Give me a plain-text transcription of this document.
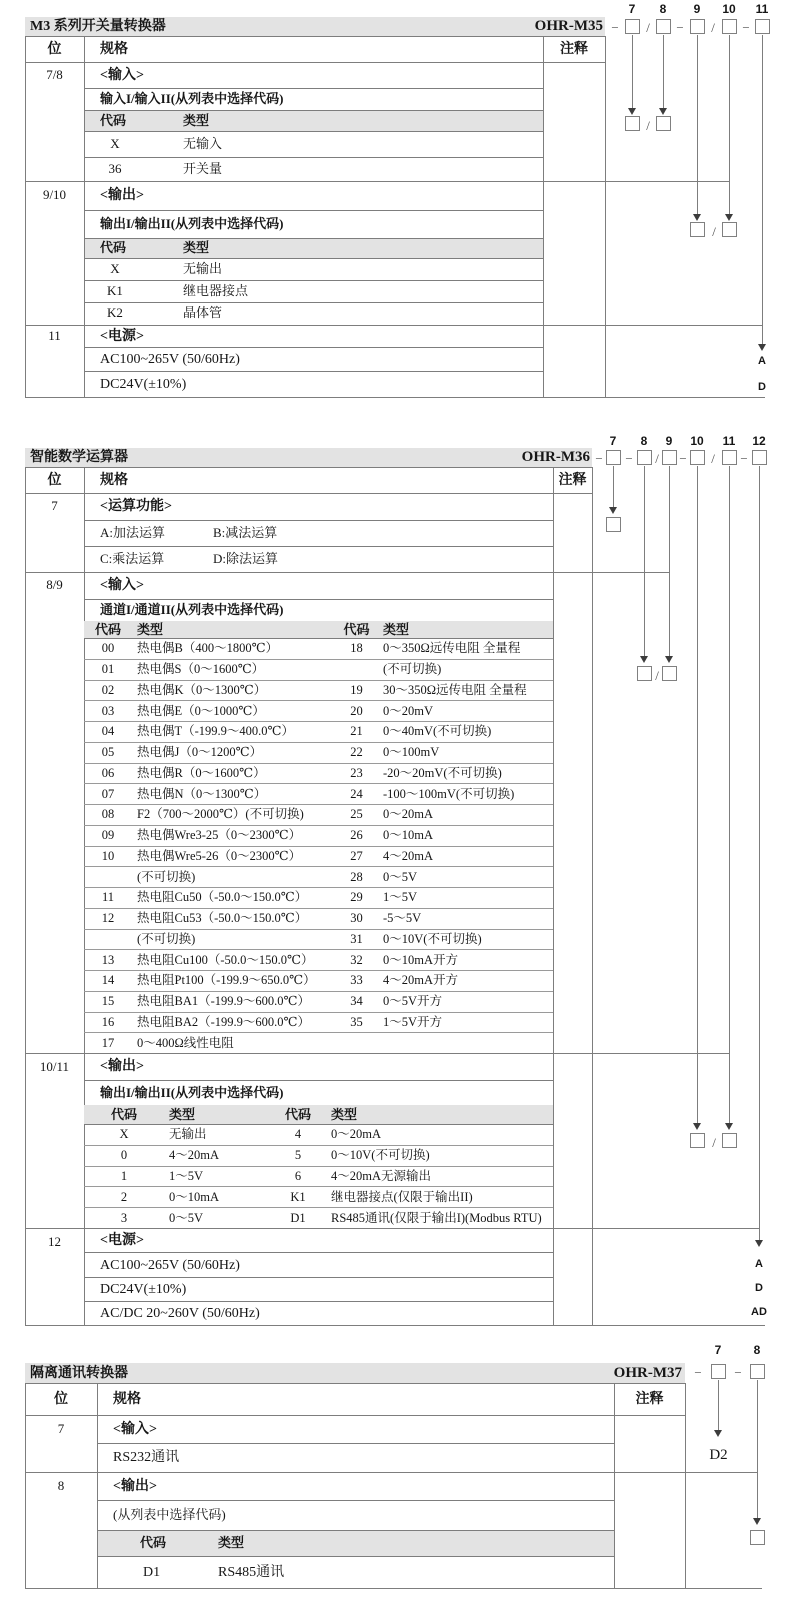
M3 系列开关量转换器	OHR-M35
位	规格	注释
7/8	<输入>
输入I/输入II(从列表中选择代码)
代码	类型
X	无输入
36	开关量
9/10	<输出>
输出I/输出II(从列表中选择代码)
代码	类型
X	无输出
K1	继电器接点
K2	晶体管
11	<电源>
AC100~265V (50/60Hz)
DC24V(±10%)
7	8	9	10	11
−	/	−	/	−
/
/
A
D
智能数学运算器	OHR-M36
位	规格	注释
7	<运算功能>
A:加法运算	B:减法运算
C:乘法运算	D:除法运算
8/9	<输入>
通道I/通道II(从列表中选择代码)
代码	类型	代码	类型
00	热电偶B（400～1800℃）	18	0～350Ω远传电阻 全量程
01	热电偶S（0～1600℃）	(不可切换)
02	热电偶K（0～1300℃）	19	30～350Ω远传电阻 全量程
03	热电偶E（0～1000℃）	20	0～20mV
04	热电偶T（-199.9～400.0℃）	21	0～40mV(不可切换)
05	热电偶J（0～1200℃）	22	0～100mV
06	热电偶R（0～1600℃）	23	-20～20mV(不可切换)
07	热电偶N（0～1300℃）	24	-100～100mV(不可切换)
08	F2（700～2000℃）(不可切换)	25	0～20mA
09	热电偶Wre3-25（0～2300℃）	26	0～10mA
10	热电偶Wre5-26（0～2300℃）	27	4～20mA
(不可切换)	28	0～5V
11	热电阻Cu50（-50.0～150.0℃）	29	1～5V
12	热电阻Cu53（-50.0～150.0℃）	30	-5～5V
(不可切换)	31	0～10V(不可切换)
13	热电阻Cu100（-50.0～150.0℃）	32	0～10mA开方
14	热电阻Pt100（-199.9～650.0℃）	33	4～20mA开方
15	热电阻BA1（-199.9～600.0℃）	34	0～5V开方
16	热电阻BA2（-199.9～600.0℃）	35	1～5V开方
17	0～400Ω线性电阻
10/11	<输出>
输出I/输出II(从列表中选择代码)
代码	类型	代码	类型
X	无输出	4	0～20mA
0	4～20mA	5	0～10V(不可切换)
1	1～5V	6	4～20mA无源输出
2	0～10mA	K1	继电器接点(仅限于输出II)
3	0～5V	D1	RS485通讯(仅限于输出I)(Modbus RTU)
12	<电源>
AC100~265V (50/60Hz)
DC24V(±10%)
AC/DC 20~260V (50/60Hz)
7	8	9	10	11	12
−	−	/	−	/	−
/
/
A
D
AD
隔离通讯转换器	OHR-M37
位	规格	注释
7	<输入>
RS232通讯
8	<输出>
(从列表中选择代码)
代码	类型
D1	RS485通讯
7	8
−	−
D2
